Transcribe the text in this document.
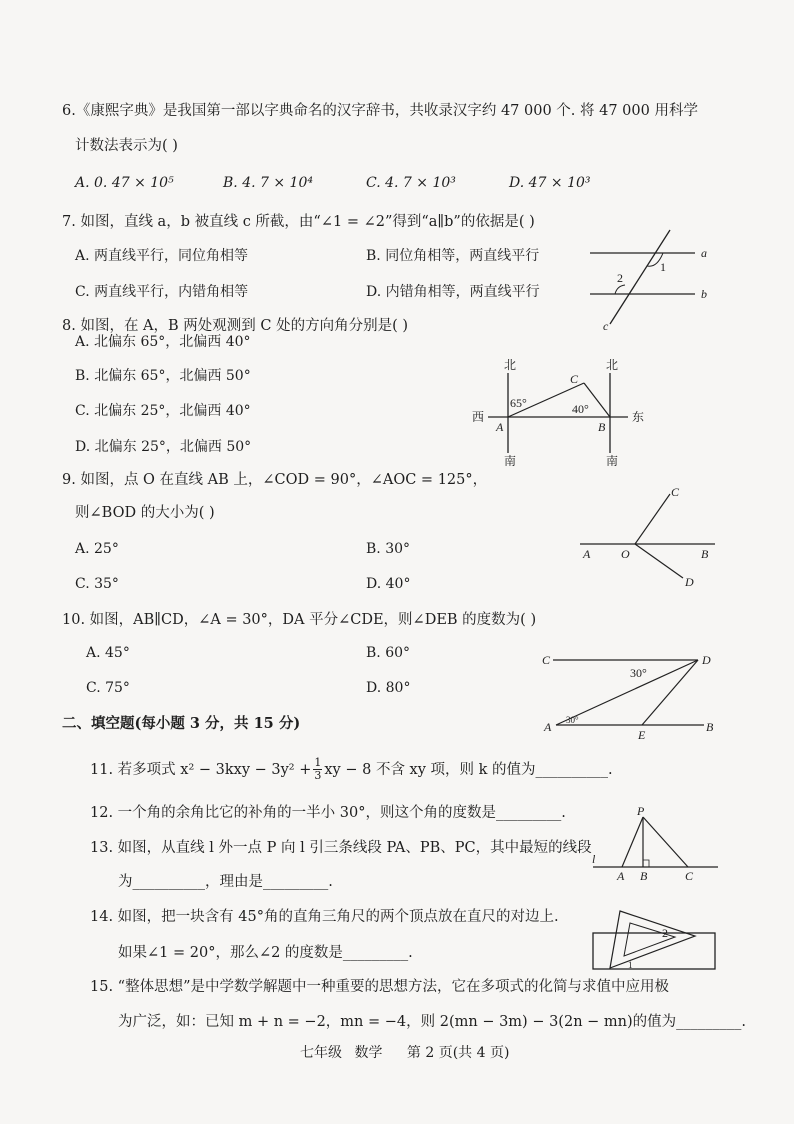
6.《康熙字典》是我国第一部以字典命名的汉字辞书，共收录汉字约 47 000 个. 将 47 000 用科学
计数法表示为( )
A. 0. 47 × 10⁵	B. 4. 7 × 10⁴	C. 4. 7 × 10³	D. 47 × 10³
7. 如图，直线 a，b 被直线 c 所截，由“∠1 = ∠2”得到“a∥b”的依据是( )
A. 两直线平行，同位角相等	B. 同位角相等，两直线平行
C. 两直线平行，内错角相等	D. 内错角相等，两直线平行
a
b
c
1
2
8. 如图，在 A，B 两处观测到 C 处的方向角分别是( )
A. 北偏东 65°，北偏西 40°
B. 北偏东 65°，北偏西 50°
C. 北偏东 25°，北偏西 40°
D. 北偏东 25°，北偏西 50°
北	北
南	南
西	东
A	B
C
65°	40°
9. 如图，点 O 在直线 AB 上，∠COD = 90°，∠AOC = 125°，
则∠BOD 的大小为( )
A. 25°	B. 30°
C. 35°	D. 40°
A	O	B
C
D
10. 如图，AB∥CD，∠A = 30°，DA 平分∠CDE，则∠DEB 的度数为( )
A. 45°	B. 60°
C. 75°	D. 80°
C	D
A	B
E
30°
30°
二、填空题(每小题 3 分，共 15 分)
11. 若多项式 $x^2 - 3kxy - 3y^2 + \frac{1}{3}$ xy − 8 不含 xy 项，则 k 的值为__________.
12. 一个角的余角比它的补角的一半小 30°，则这个角的度数是_________.
13. 如图，从直线 l 外一点 P 向 l 引三条线段 PA、PB、PC，其中最短的线段
为__________，理由是_________.
P
l
A B	C
14. 如图，把一块含有 45°角的直角三角尺的两个顶点放在直尺的对边上.
如果∠1 = 20°，那么∠2 的度数是_________.
2
1
15. “整体思想”是中学数学解题中一种重要的思想方法，它在多项式的化简与求值中应用极
为广泛，如：已知 m + n = −2，mn = −4，则 2(mn − 3m) − 3(2n − mn)的值为_________.
七年级 数学 第 2 页(共 4 页)
